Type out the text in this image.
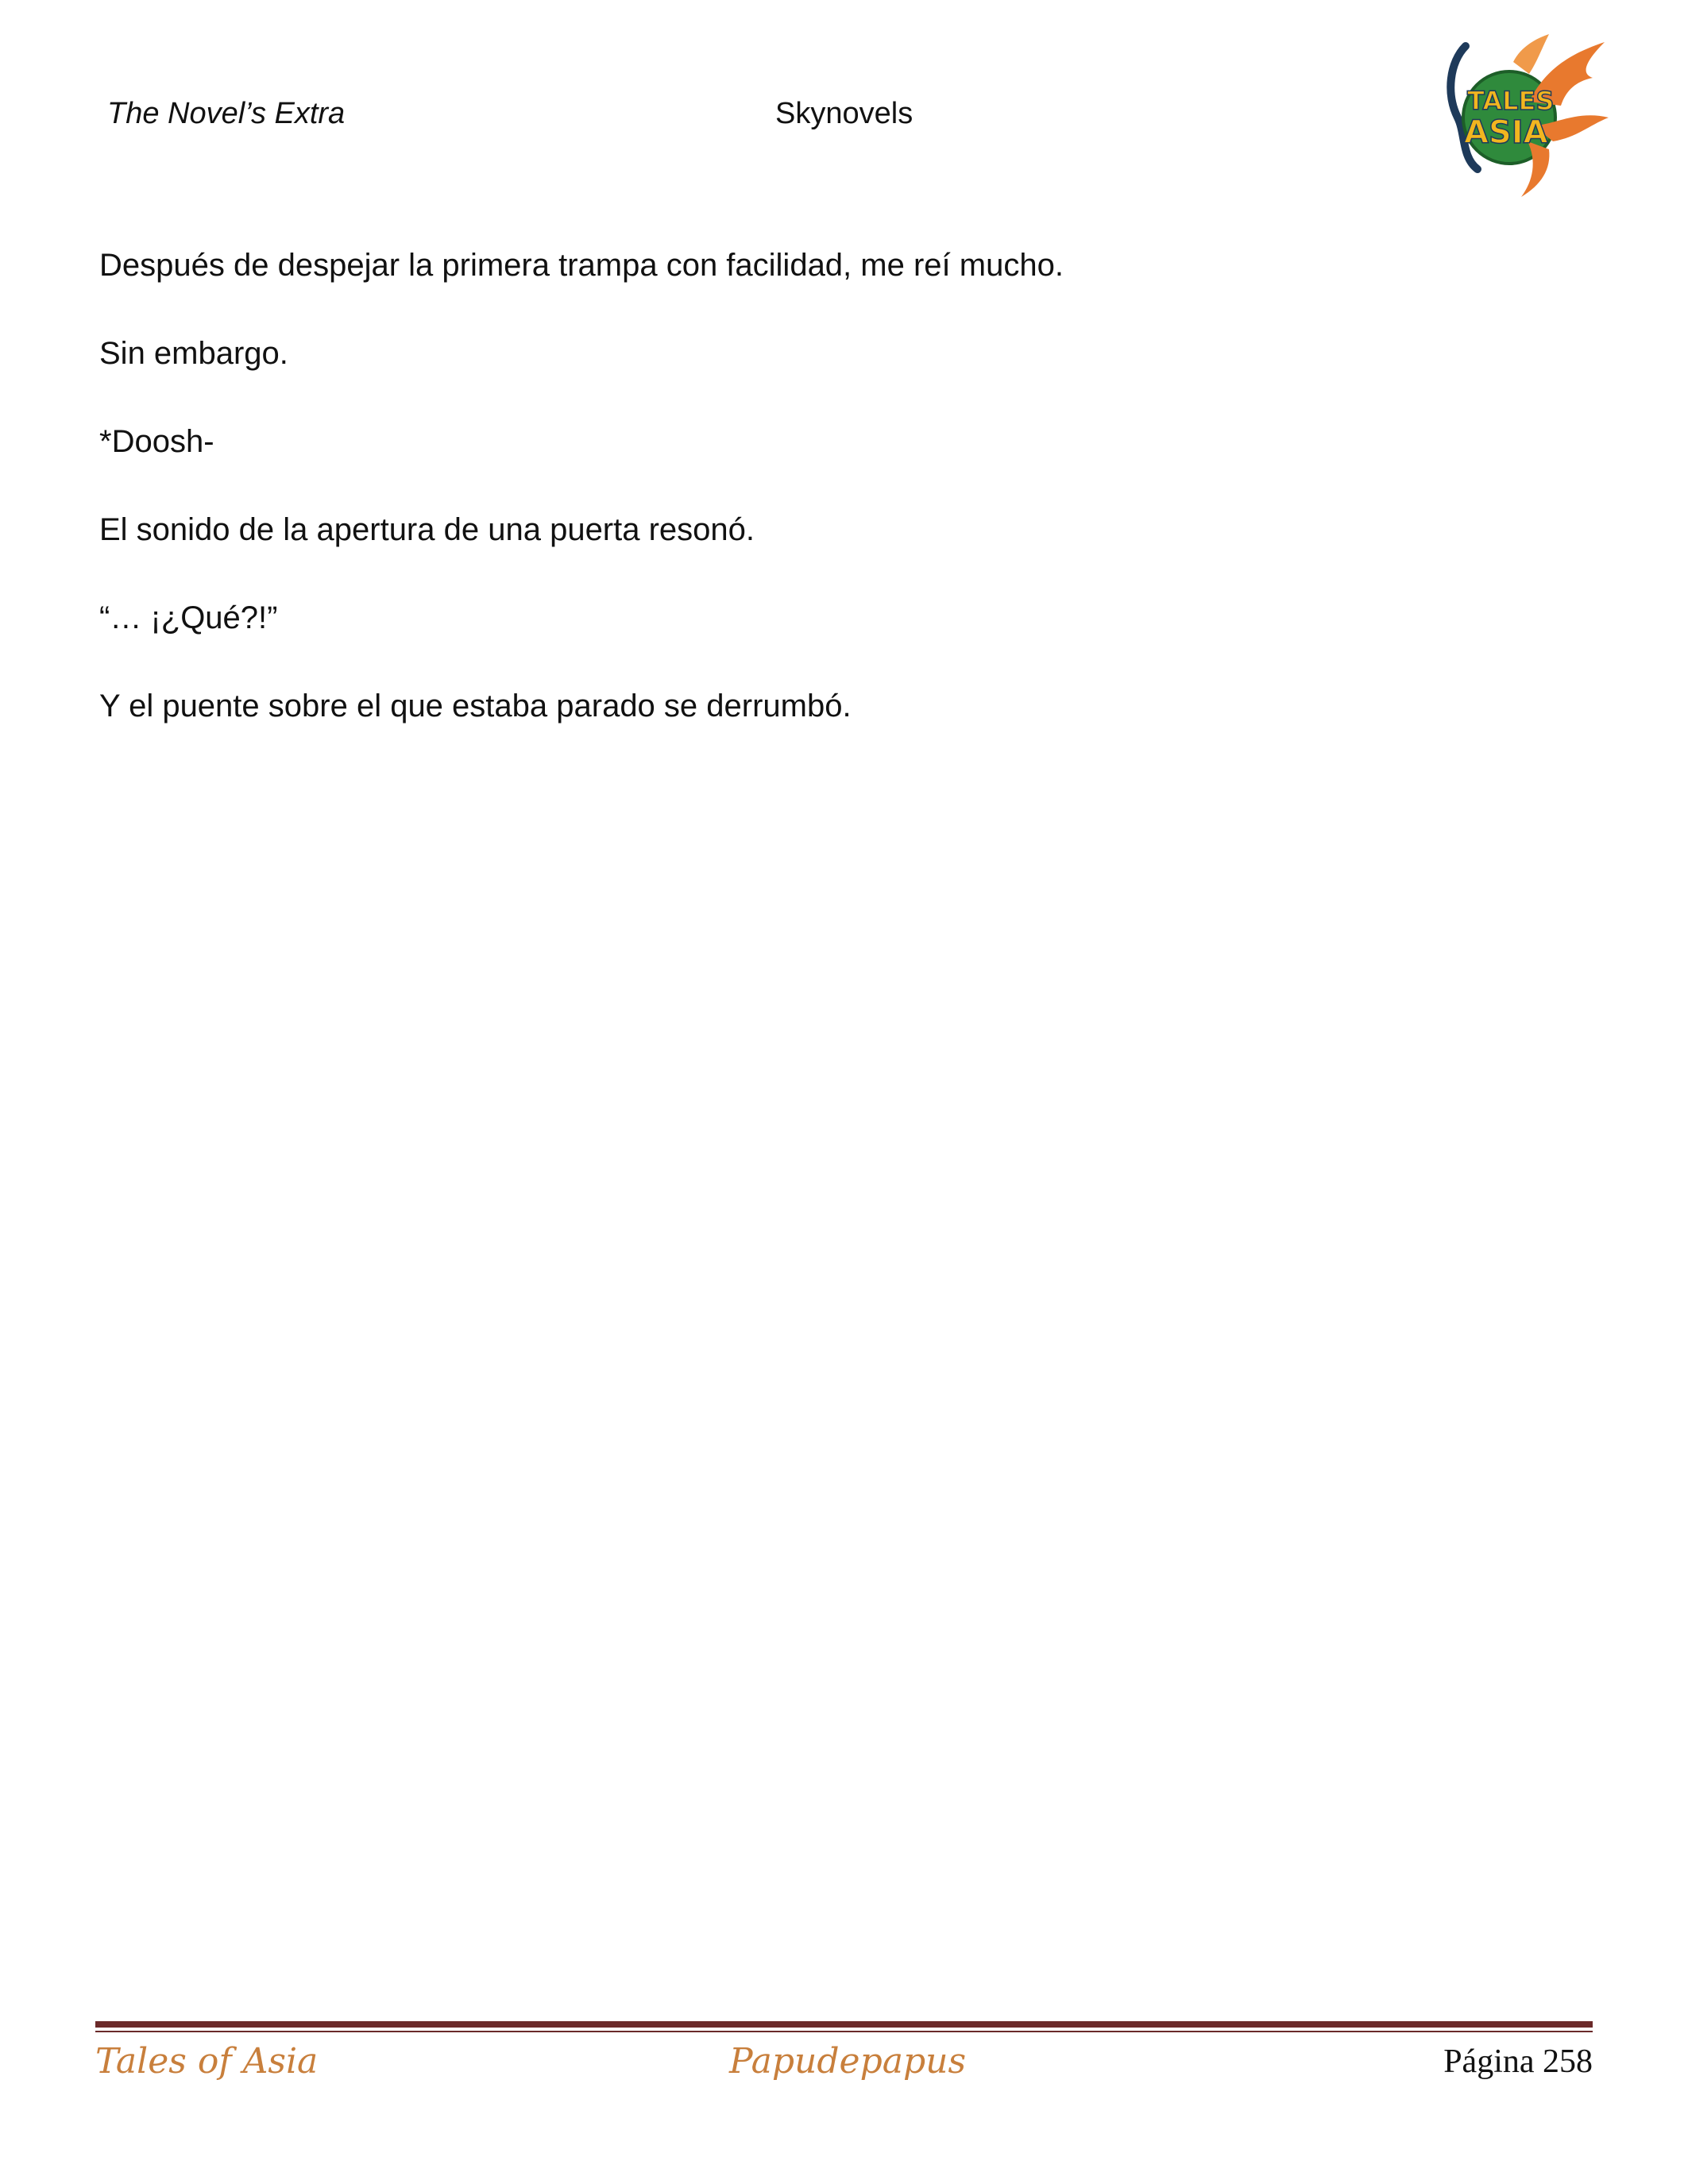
The Novel’s Extra	Skynovels	TALES
ASIA

Después de despejar la primera trampa con facilidad, me reí mucho.

Sin embargo.

*Doosh-

El sonido de la apertura de una puerta resonó.

“… ¡¿Qué?!”

Y el puente sobre el que estaba parado se derrumbó.

Tales of Asia	Papudepapus	Página 258
